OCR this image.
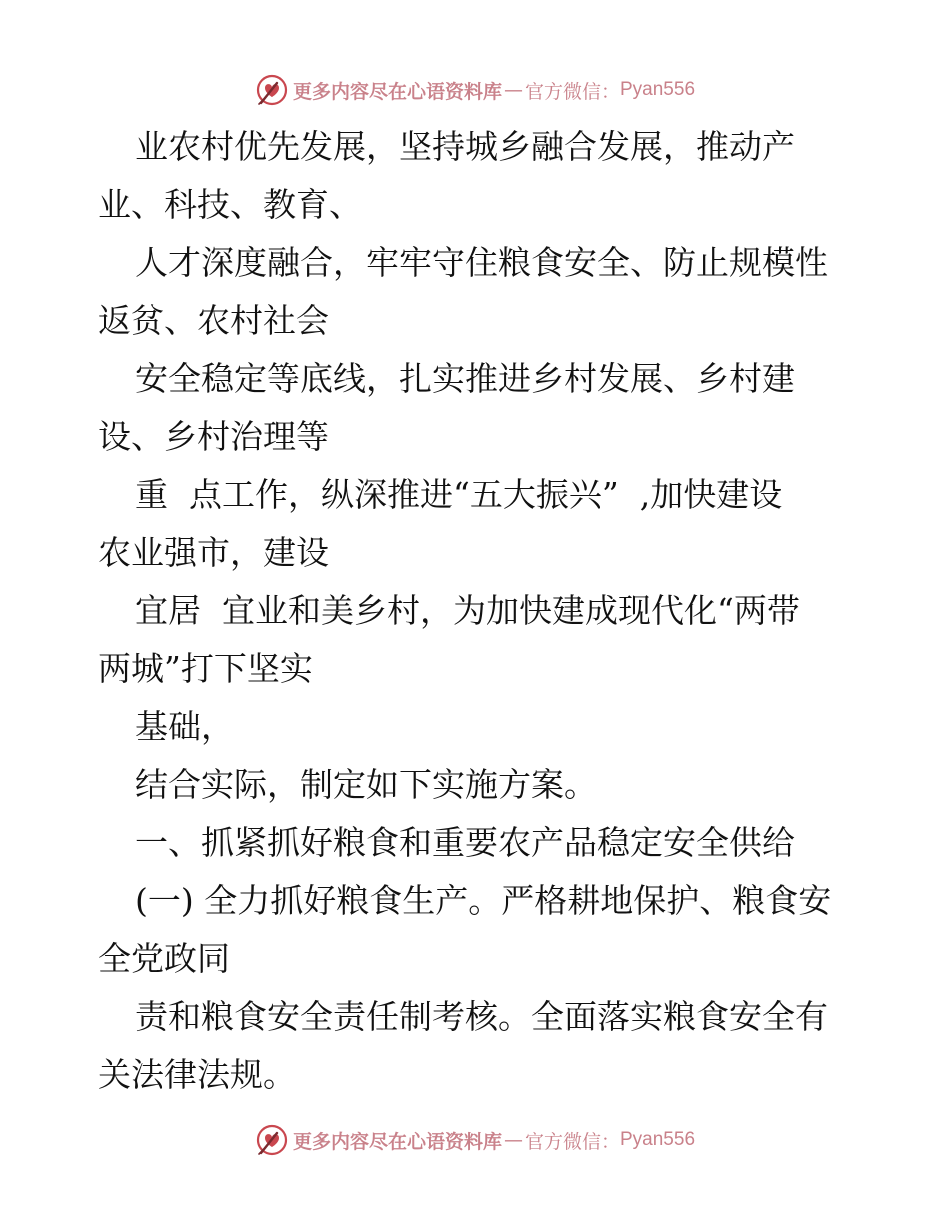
更多内容尽在心语资料库 — 官方微信： Pyan556
业农村优先发展，坚持城乡融合发展，推动产
业、科技、教育、
人才深度融合，牢牢守住粮食安全、防止规模性
返贫、农村社会
安全稳定等底线，扎实推进乡村发展、乡村建
设、乡村治理等
重  点工作，纵深推进“五大振兴”  ,加快建设
农业强市，建设
宜居  宜业和美乡村，为加快建成现代化“两带
两城”打下坚实
基础，
结合实际，制定如下实施方案。
一、抓紧抓好粮食和重要农产品稳定安全供给
(一) 全力抓好粮食生产。严格耕地保护、粮食安
全党政同
责和粮食安全责任制考核。全面落实粮食安全有
关法律法规。
更多内容尽在心语资料库 — 官方微信： Pyan556
